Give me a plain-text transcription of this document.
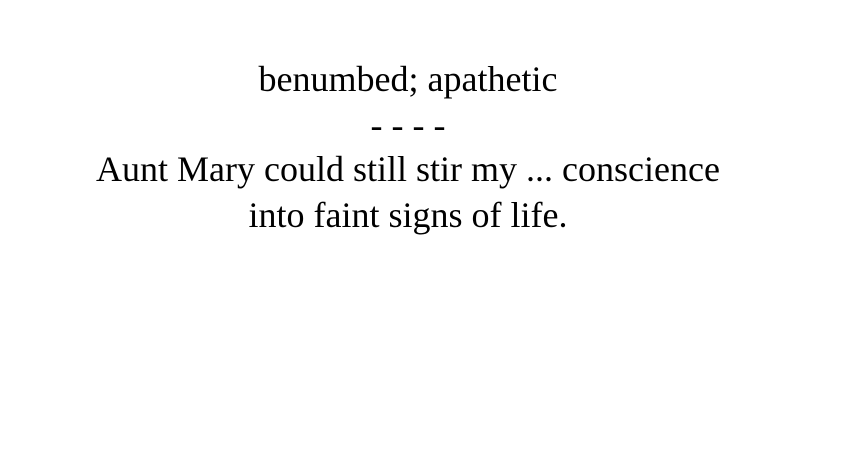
benumbed; apathetic
- - - -
Aunt Mary could still stir my ... conscience
into faint signs of life.
